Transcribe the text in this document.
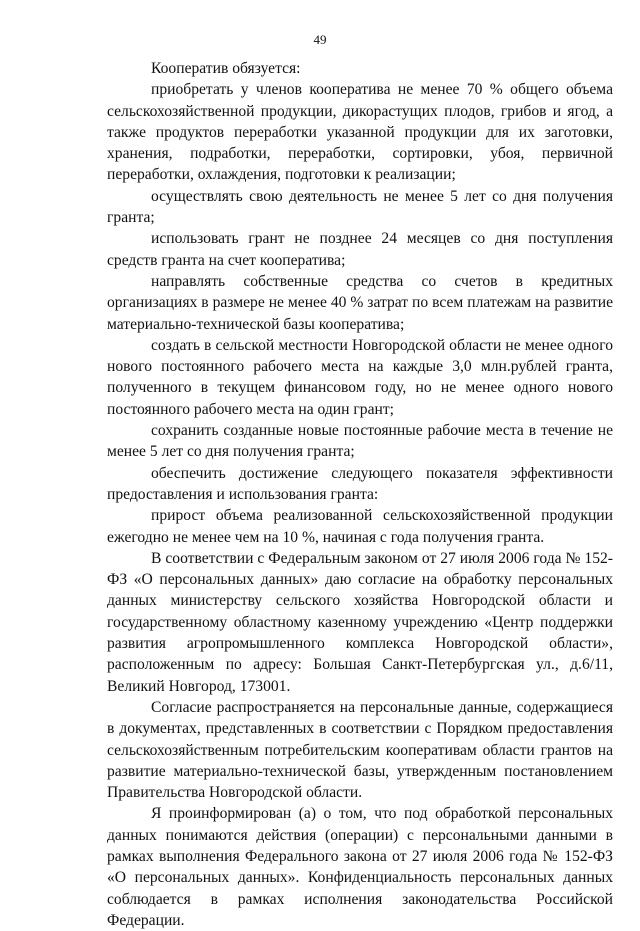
49

Кооператив обязуется:

приобретать у членов кооператива не менее 70 % общего объема сельскохозяйственной продукции, дикорастущих плодов, грибов и ягод, а также продуктов переработки указанной продукции для их заготовки, хранения, подработки, переработки, сортировки, убоя, первичной переработки, охлаждения, подготовки к реализации;

осуществлять свою деятельность не менее 5 лет со дня получения гранта;

использовать грант не позднее 24 месяцев со дня поступления средств гранта на счет кооператива;

направлять собственные средства со счетов в кредитных организациях в размере не менее 40 % затрат по всем платежам на развитие материально-технической базы кооператива;

создать в сельской местности Новгородской области не менее одного нового постоянного рабочего места на каждые 3,0 млн.рублей гранта, полученного в текущем финансовом году, но не менее одного нового постоянного рабочего места на один грант;

сохранить созданные новые постоянные рабочие места в течение не менее 5 лет со дня получения гранта;

обеспечить достижение следующего показателя эффективности предоставления и использования гранта:

прирост объема реализованной сельскохозяйственной продукции ежегодно не менее чем на 10 %, начиная с года получения гранта.

В соответствии с Федеральным законом от 27 июля 2006 года № 152-ФЗ «О персональных данных» даю согласие на обработку персональных данных министерству сельского хозяйства Новгородской области и государственному областному казенному учреждению «Центр поддержки развития агропромышленного комплекса Новгородской области», расположенным по адресу: Большая Санкт-Петербургская ул., д.6/11, Великий Новгород, 173001.

Согласие распространяется на персональные данные, содержащиеся в документах, представленных в соответствии с Порядком предоставления сельскохозяйственным потребительским кооперативам области грантов на развитие материально-технической базы, утвержденным постановлением Правительства Новгородской области.

Я проинформирован (а) о том, что под обработкой персональных данных понимаются действия (операции) с персональными данными в рамках выполнения Федерального закона от 27 июля 2006 года № 152-ФЗ «О персональных данных». Конфиденциальность персональных данных соблюдается в рамках исполнения законодательства Российской Федерации.
